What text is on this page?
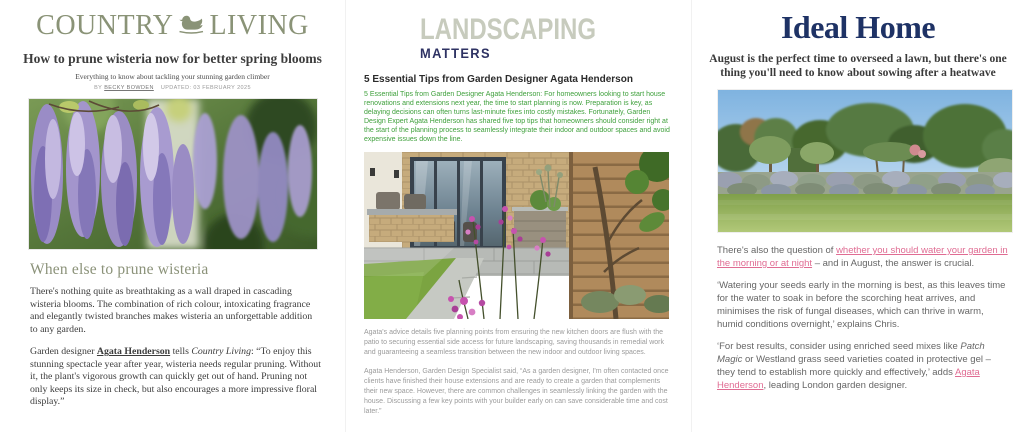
COUNTRY LIVING
How to prune wisteria now for better spring blooms

Everything to know about tackling your stunning garden climber

BY BECKY BOWDEN UPDATED: 03 FEBRUARY 2025

When else to prune wisteria

There's nothing quite as breathtaking as a wall draped in cascading wisteria blooms. The combination of rich colour, intoxicating fragrance and elegantly twisted branches makes wisteria an unforgettable addition to any garden.

Garden designer Agata Henderson tells Country Living: “To enjoy this stunning spectacle year after year, wisteria needs regular pruning. Without it, the plant's vigorous growth can quickly get out of hand. Pruning not only keeps its size in check, but also encourages a more impressive floral display.”

LANDSCAPING
MATTERS
5 Essential Tips from Garden Designer Agata Henderson

5 Essential Tips from Garden Designer Agata Henderson: For homeowners looking to start house renovations and extensions next year, the time to start planning is now. Preparation is key, as delaying decisions can often turns last-minute fixes into costly mistakes. Fortunately, Garden Design Expert Agata Henderson has shared five top tips that homeowners should consider right at the start of the planning process to seamlessly integrate their indoor and outdoor spaces and avoid expensive issues down the line.

Agata's advice details five planning points from ensuring the new kitchen doors are flush with the patio to securing essential side access for future landscaping, saving thousands in remedial work and guaranteeing a seamless transition between the new indoor and outdoor living spaces.

Agata Henderson, Garden Design Specialist said, “As a garden designer, I'm often contacted once clients have finished their house extensions and are ready to create a garden that complements their new space. However, there are common challenges in seamlessly linking the garden with the house. Discussing a few key points with your builder early on can save considerable time and cost later.”

Ideal Home
August is the perfect time to overseed a lawn, but there's one thing you'll need to know about sowing after a heatwave

There's also the question of whether you should water your garden in the morning or at night – and in August, the answer is crucial.

‘Watering your seeds early in the morning is best, as this leaves time for the water to soak in before the scorching heat arrives, and minimises the risk of fungal diseases, which can thrive in warm, humid conditions overnight,’ explains Chris.

‘For best results, consider using enriched seed mixes like Patch Magic or Westland grass seed varieties coated in protective gel – they tend to establish more quickly and effectively,’ adds Agata Henderson, leading London garden designer.
